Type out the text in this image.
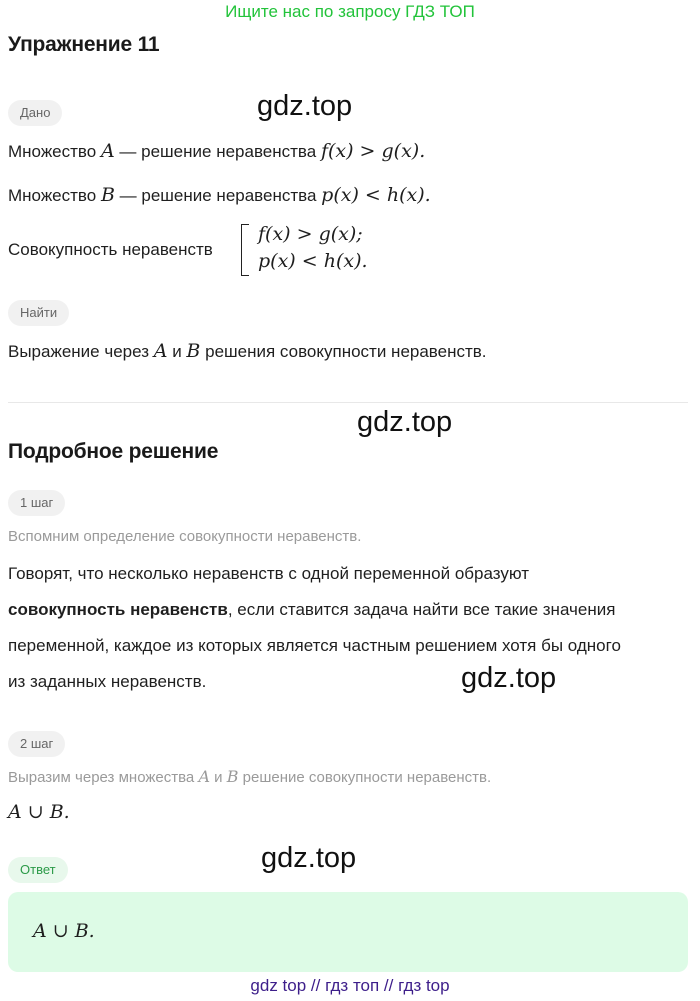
Ищите нас по запросу ГДЗ ТОП
Упражнение 11
gdz.top
Дано
Множество A — решение неравенства f(x) > g(x).
Множество B — решение неравенства p(x) < h(x).
Совокупность неравенств
f(x) > g(x);
p(x) < h(x).
Найти
Выражение через A и B решения совокупности неравенств.
gdz.top
Подробное решение
1 шаг
Вспомним определение совокупности неравенств.
Говорят, что несколько неравенств с одной переменной образуют
совокупность неравенств, если ставится задача найти все такие значения
переменной, каждое из которых является частным решением хотя бы одного
из заданных неравенств.	gdz.top
2 шаг
Выразим через множества A и B решение совокупности неравенств.
A ∪ B.
gdz.top
Ответ
A ∪ B.
gdz top // гдз топ // гдз top
